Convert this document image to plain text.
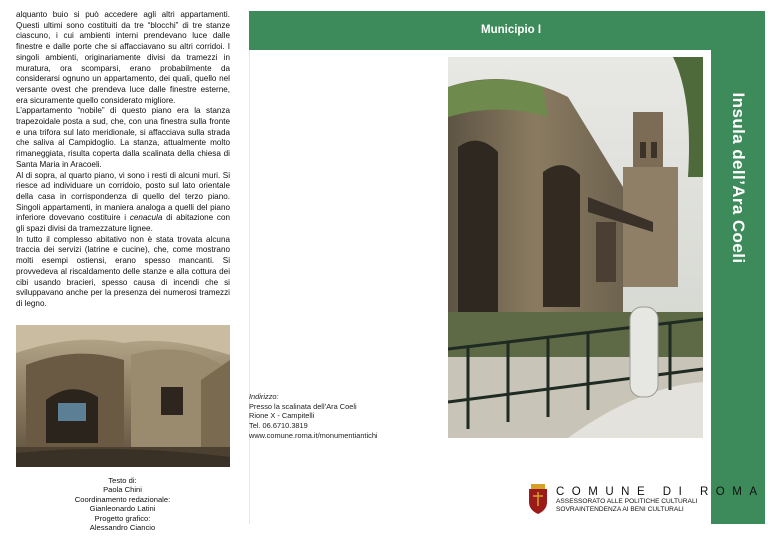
alquanto buio si può accedere agli altri appartamenti. Questi ultimi sono costituiti da tre “blocchi” di tre stanze ciascuno, i cui ambienti interni prendevano luce dalle finestre e dalle porte che si affacciavano su altri corridoi. I singoli ambienti, originariamente divisi da tramezzi in muratura, ora scomparsi, erano probabilmente da considerarsi ognuno un appartamento, dei quali, quello nel versante ovest che prendeva luce dalle finestre esterne, era sicuramente quello considerato migliore.
L’appartamento “nobile” di questo piano era la stanza trapezoidale posta a sud, che, con una finestra sulla fronte e una trifora sul lato meridionale, si affacciava sulla strada che saliva al Campidoglio. La stanza, attualmente molto rimaneggiata, risulta coperta dalla scalinata della chiesa di Santa Maria in Aracoeli.
Al di sopra, al quarto piano, vi sono i resti di alcuni muri. Si riesce ad individuare un corridoio, posto sul lato orientale della casa in corrispondenza di quello del terzo piano. Singoli appartamenti, in maniera analoga a quelli del piano inferiore dovevano costituire i cenacula di abitazione con gli spazi divisi da tramezzature lignee.
In tutto il complesso abitativo non è stata trovata alcuna traccia dei servizi (latrine e cucine), che, come mostrano molti esempi ostiensi, erano spesso mancanti. Si provvedeva al riscaldamento delle stanze e alla cottura dei cibi usando bracieri, spesso causa di incendi che si sviluppavano anche per la presenza dei numerosi tramezzi di legno.

Testo di:
Paola Chini
Coordinamento redazionale:
Gianleonardo Latini
Progetto grafico:
Alessandro Ciancio
Municipio I
Insula dell’Ara Coeli
Indirizzo:
Presso la scalinata dell’Ara Coeli
Rione X - Campitelli
Tel. 06.6710.3819
www.comune.roma.it/monumentiantichi
COMUNE DI ROMA
ASSESSORATO ALLE POLITICHE CULTURALI
SOVRAINTENDENZA AI BENI CULTURALI
